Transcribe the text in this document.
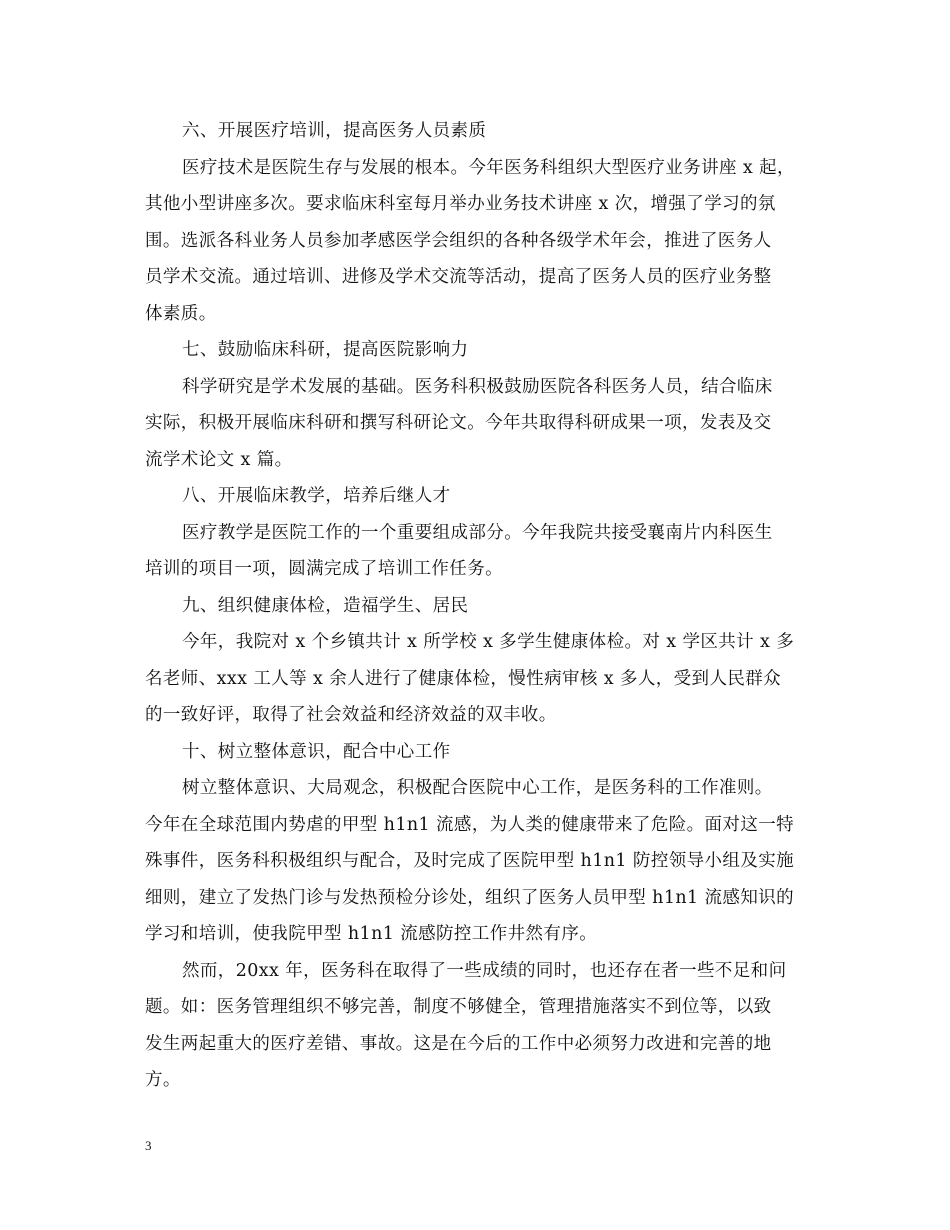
六、开展医疗培训，提高医务人员素质
医疗技术是医院生存与发展的根本。今年医务科组织大型医疗业务讲座 x 起，
其他小型讲座多次。要求临床科室每月举办业务技术讲座 x 次，增强了学习的氛
围。选派各科业务人员参加孝感医学会组织的各种各级学术年会，推进了医务人
员学术交流。通过培训、进修及学术交流等活动，提高了医务人员的医疗业务整
体素质。
七、鼓励临床科研，提高医院影响力
科学研究是学术发展的基础。医务科积极鼓励医院各科医务人员，结合临床
实际，积极开展临床科研和撰写科研论文。今年共取得科研成果一项，发表及交
流学术论文 x 篇。
八、开展临床教学，培养后继人才
医疗教学是医院工作的一个重要组成部分。今年我院共接受襄南片内科医生
培训的项目一项，圆满完成了培训工作任务。
九、组织健康体检，造福学生、居民
今年，我院对 x 个乡镇共计 x 所学校 x 多学生健康体检。对 x 学区共计 x 多
名老师、xxx 工人等 x 余人进行了健康体检，慢性病审核 x 多人，受到人民群众
的一致好评，取得了社会效益和经济效益的双丰收。
十、树立整体意识，配合中心工作
树立整体意识、大局观念，积极配合医院中心工作，是医务科的工作准则。
今年在全球范围内势虐的甲型 h1n1 流感，为人类的健康带来了危险。面对这一特
殊事件，医务科积极组织与配合，及时完成了医院甲型 h1n1 防控领导小组及实施
细则，建立了发热门诊与发热预检分诊处，组织了医务人员甲型 h1n1 流感知识的
学习和培训，使我院甲型 h1n1 流感防控工作井然有序。
然而，20xx 年，医务科在取得了一些成绩的同时，也还存在者一些不足和问
题。如：医务管理组织不够完善，制度不够健全，管理措施落实不到位等，以致
发生两起重大的医疗差错、事故。这是在今后的工作中必须努力改进和完善的地
方。
3
